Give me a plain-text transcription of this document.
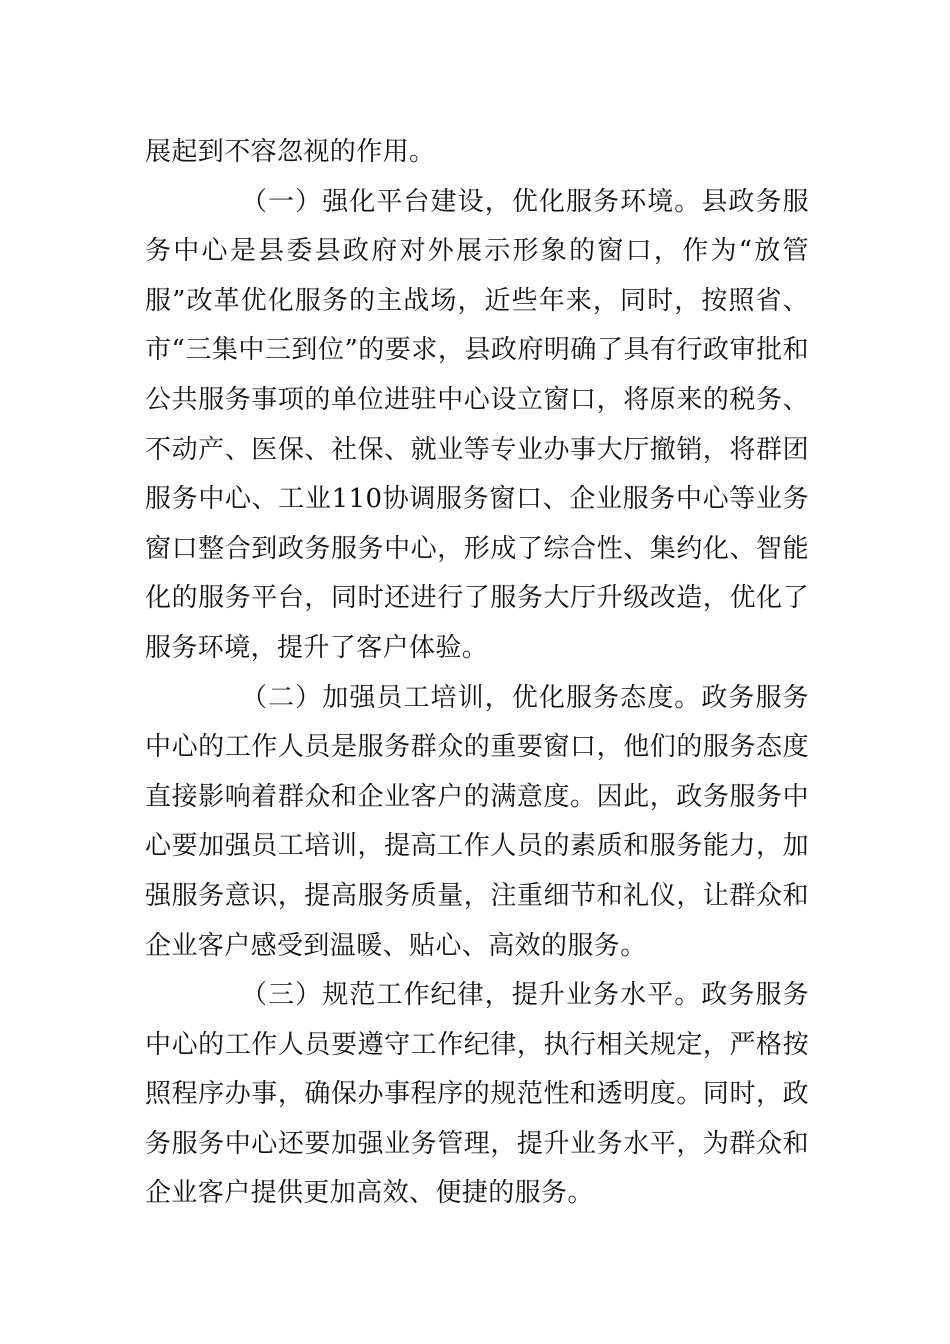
展起到不容忽视的作用。

（一）强化平台建设，优化服务环境。县政务服务中心是县委县政府对外展示形象的窗口，作为“放管服”改革优化服务的主战场，近些年来，同时，按照省、市“三集中三到位”的要求，县政府明确了具有行政审批和公共服务事项的单位进驻中心设立窗口，将原来的税务、不动产、医保、社保、就业等专业办事大厅撤销，将群团服务中心、工业110协调服务窗口、企业服务中心等业务窗口整合到政务服务中心，形成了综合性、集约化、智能化的服务平台，同时还进行了服务大厅升级改造，优化了服务环境，提升了客户体验。

（二）加强员工培训，优化服务态度。政务服务中心的工作人员是服务群众的重要窗口，他们的服务态度直接影响着群众和企业客户的满意度。因此，政务服务中心要加强员工培训，提高工作人员的素质和服务能力，加强服务意识，提高服务质量，注重细节和礼仪，让群众和企业客户感受到温暖、贴心、高效的服务。

（三）规范工作纪律，提升业务水平。政务服务中心的工作人员要遵守工作纪律，执行相关规定，严格按照程序办事，确保办事程序的规范性和透明度。同时，政务服务中心还要加强业务管理，提升业务水平，为群众和企业客户提供更加高效、便捷的服务。
